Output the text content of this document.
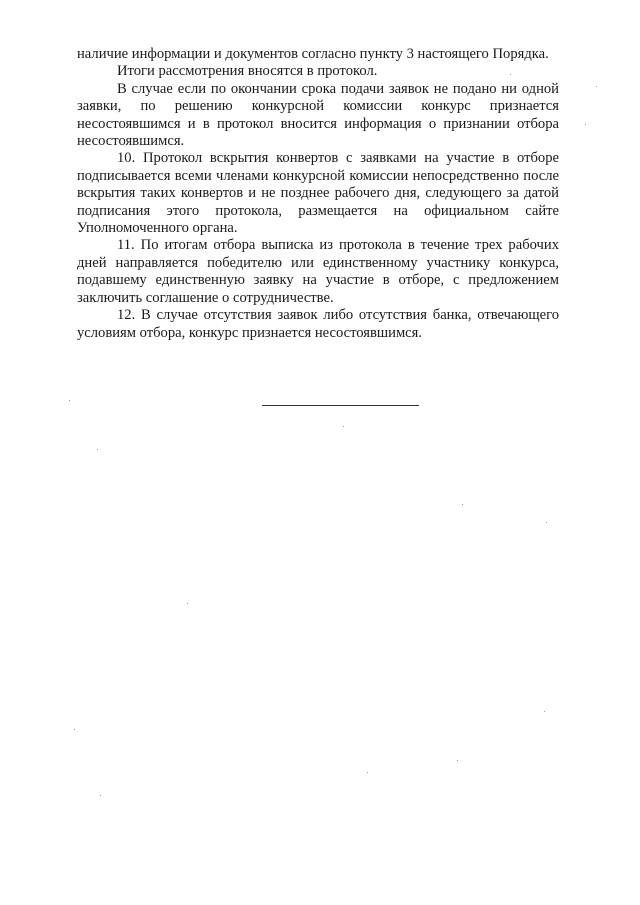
наличие информации и документов согласно пункту 3 настоящего Порядка.

Итоги рассмотрения вносятся в протокол.

В случае если по окончании срока подачи заявок не подано ни одной заявки, по решению конкурсной комиссии конкурс признается несостоявшимся и в протокол вносится информация о признании отбора несостоявшимся.

10. Протокол вскрытия конвертов с заявками на участие в отборе подписывается всеми членами конкурсной комиссии непосредственно после вскрытия таких конвертов и не позднее рабочего дня, следующего за датой подписания этого протокола, размещается на официальном сайте Уполномоченного органа.

11. По итогам отбора выписка из протокола в течение трех рабочих дней направляется победителю или единственному участнику конкурса, подавшему единственную заявку на участие в отборе, с предложением заключить соглашение о сотрудничестве.

12. В случае отсутствия заявок либо отсутствия банка, отвечающего условиям отбора, конкурс признается несостоявшимся.
